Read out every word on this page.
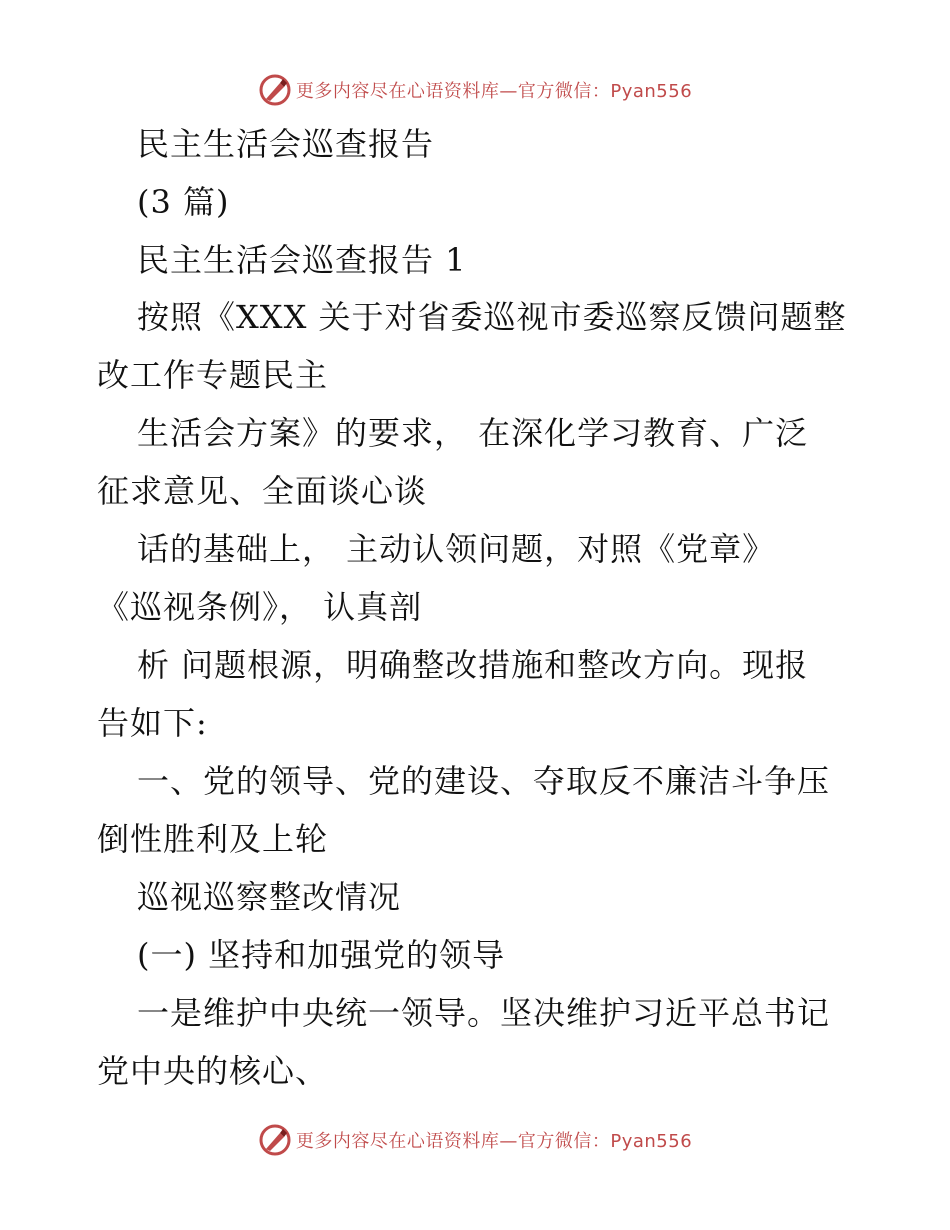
更多内容尽在心语资料库—官方微信：Pyan556
民主生活会巡查报告
(3 篇)
民主生活会巡查报告 1
按照《XXX 关于对省委巡视市委巡察反馈问题整
改工作专题民主
生活会方案》的要求， 在深化学习教育、广泛
征求意见、全面谈心谈
话的基础上， 主动认领问题，对照《党章》
《巡视条例》， 认真剖
析 问题根源，明确整改措施和整改方向。现报
告如下:
一、党的领导、党的建设、夺取反不廉洁斗争压
倒性胜利及上轮
巡视巡察整改情况
(一) 坚持和加强党的领导
一是维护中央统一领导。坚决维护习近平总书记
党中央的核心、
更多内容尽在心语资料库—官方微信：Pyan556
